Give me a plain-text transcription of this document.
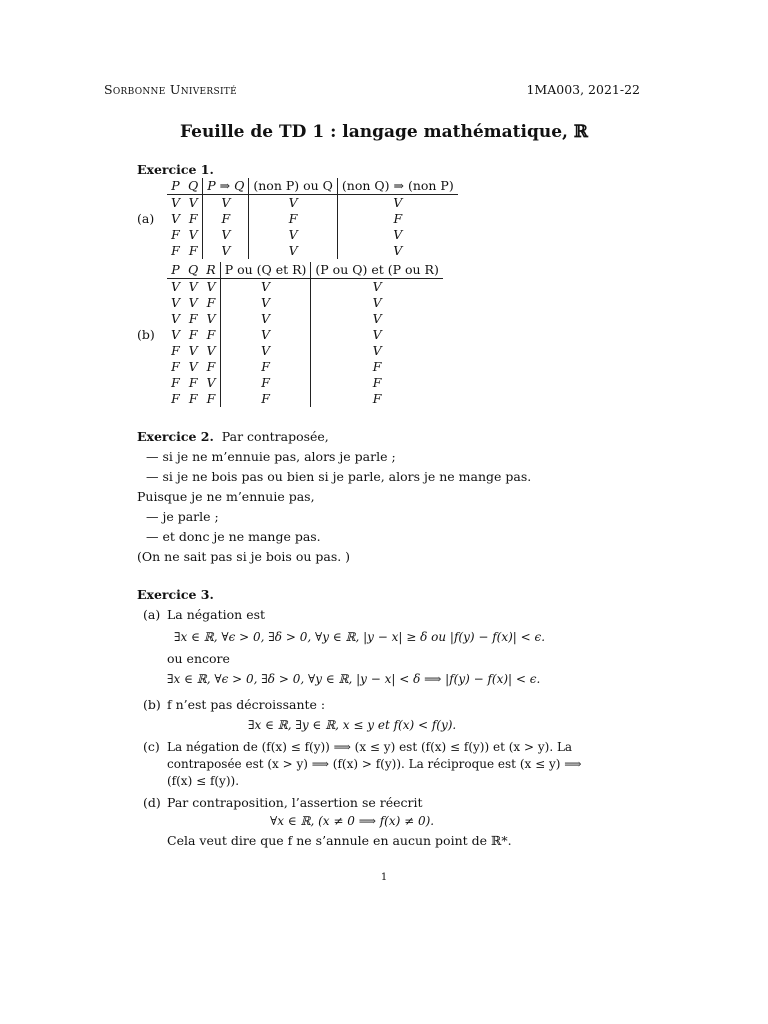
Sorbonne Université	1MA003, 2021-22
Feuille de TD 1 : langage mathématique, ℝ
Exercice 1.
	P	Q	P ⇒ Q	(non P) ou Q	(non Q) ⇒ (non P)
	V	V	V	V	V
(a)	V	F	F	F	F
	F	V	V	V	V
	F	F	V	V	V
	P	Q	R	P ou (Q et R)	(P ou Q) et (P ou R)
	V	V	V	V	V
	V	V	F	V	V
	V	F	V	V	V
(b)	V	F	F	V	V
	F	V	V	V	V
	F	V	F	F	F
	F	F	V	F	F
	F	F	F	F	F
Exercice 2. Par contraposée,
— si je ne m’ennuie pas, alors je parle ;
— si je ne bois pas ou bien si je parle, alors je ne mange pas.
Puisque je ne m’ennuie pas,
— je parle ;
— et donc je ne mange pas.
(On ne sait pas si je bois ou pas. )
Exercice 3.
(a) La négation est
∃x ∈ ℝ, ∀ϵ > 0, ∃δ > 0, ∀y ∈ ℝ, |y − x| ≥ δ ou |f(y) − f(x)| < ϵ.
ou encore
∃x ∈ ℝ, ∀ϵ > 0, ∃δ > 0, ∀y ∈ ℝ, |y − x| < δ ⟹ |f(y) − f(x)| < ϵ.
(b) f n’est pas décroissante :
∃x ∈ ℝ, ∃y ∈ ℝ, x ≤ y et f(x) < f(y).
(c) La négation de (f(x) ≤ f(y)) ⟹ (x ≤ y) est (f(x) ≤ f(y)) et (x > y). La
contraposée est (x > y) ⟹ (f(x) > f(y)). La réciproque est (x ≤ y) ⟹
(f(x) ≤ f(y)).
(d) Par contraposition, l’assertion se réecrit
∀x ∈ ℝ, (x ≠ 0 ⟹ f(x) ≠ 0).
Cela veut dire que f ne s’annule en aucun point de ℝ*.
1
